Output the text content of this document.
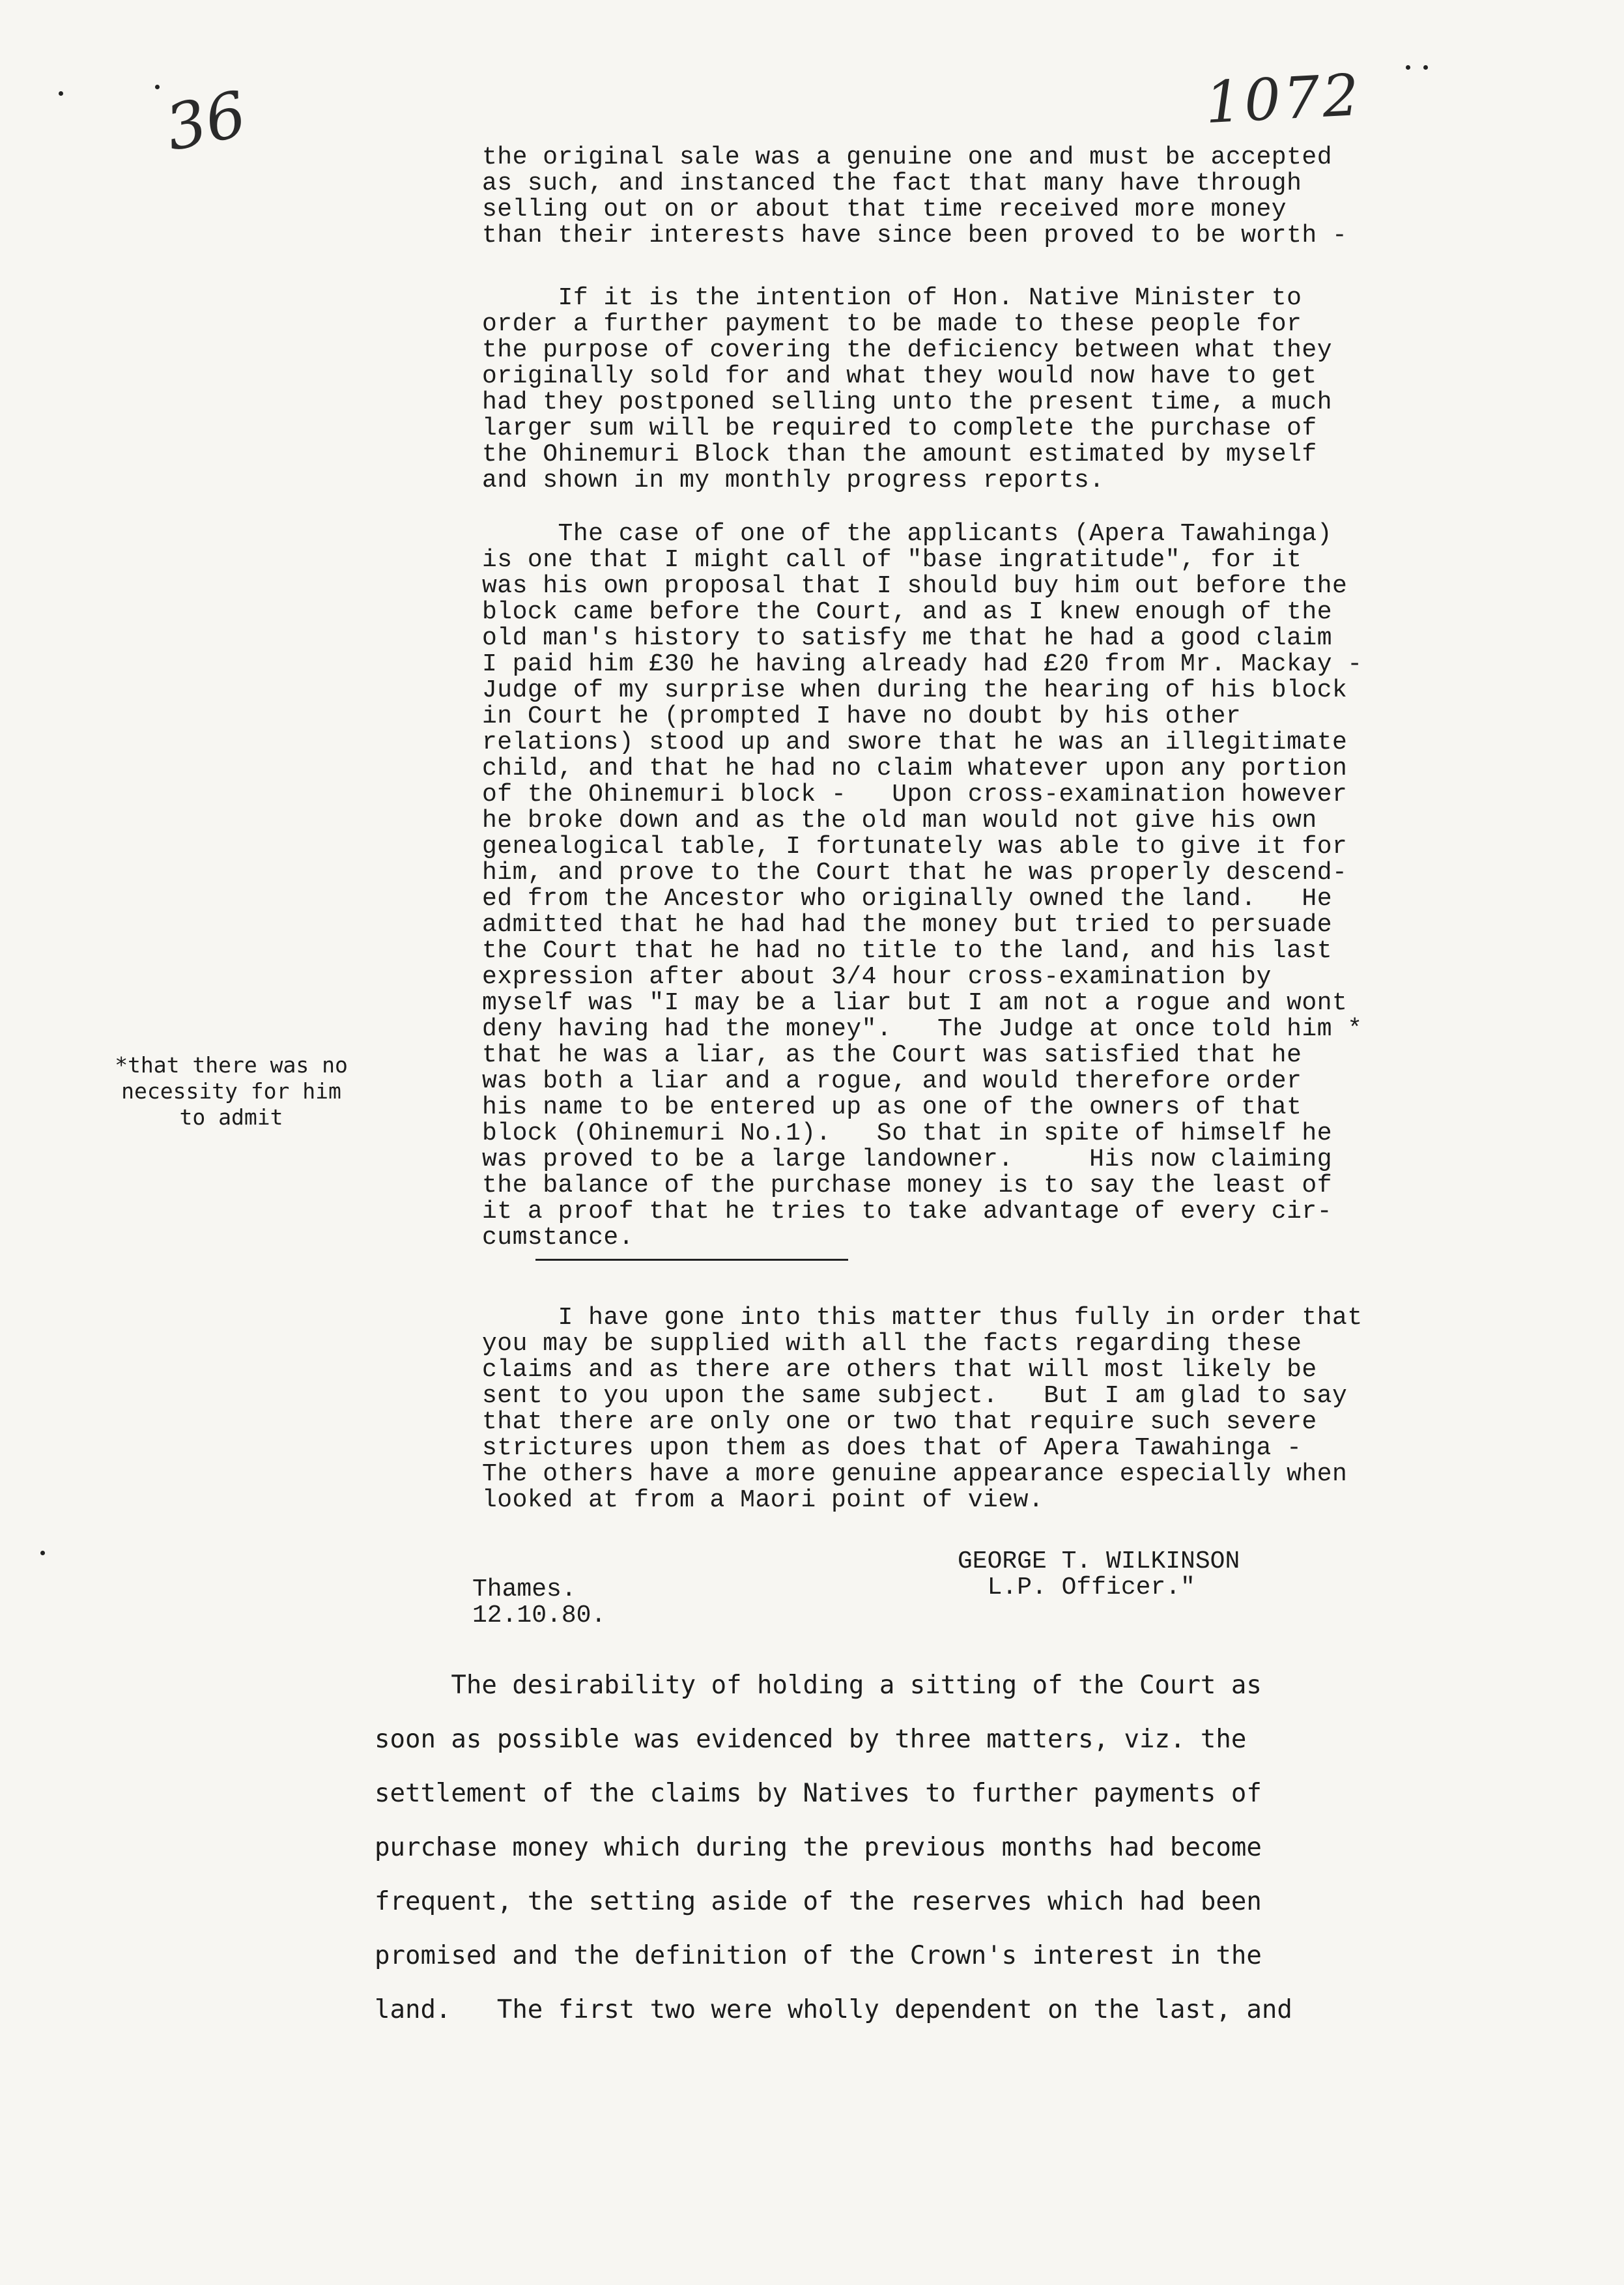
1072
36	the original sale was a genuine one and must be accepted
as such, and instanced the fact that many have through
selling out on or about that time received more money
than their interests have since been proved to be worth -
If it is the intention of Hon. Native Minister to
order a further payment to be made to these people for
the purpose of covering the deficiency between what they
originally sold for and what they would now have to get
had they postponed selling unto the present time, a much
larger sum will be required to complete the purchase of
the Ohinemuri Block than the amount estimated by myself
and shown in my monthly progress reports.
The case of one of the applicants (Apera Tawahinga)
is one that I might call of "base ingratitude", for it
was his own proposal that I should buy him out before the
block came before the Court, and as I knew enough of the
old man's history to satisfy me that he had a good claim
I paid him £30 he having already had £20 from Mr. Mackay -
Judge of my surprise when during the hearing of his block
in Court he (prompted I have no doubt by his other
relations) stood up and swore that he was an illegitimate
child, and that he had no claim whatever upon any portion
of the Ohinemuri block -   Upon cross-examination however
he broke down and as the old man would not give his own
genealogical table, I fortunately was able to give it for
him, and prove to the Court that he was properly descend-
ed from the Ancestor who originally owned the land.   He
admitted that he had had the money but tried to persuade
the Court that he had no title to the land, and his last
expression after about 3/4 hour cross-examination by
myself was "I may be a liar but I am not a rogue and wont
deny having had the money".   The Judge at once told him *
that he was a liar, as the Court was satisfied that he
was both a liar and a rogue, and would therefore order
his name to be entered up as one of the owners of that
block (Ohinemuri No.1).   So that in spite of himself he
was proved to be a large landowner.     His now claiming
the balance of the purchase money is to say the least of
it a proof that he tries to take advantage of every cir-
cumstance.
I have gone into this matter thus fully in order that
you may be supplied with all the facts regarding these
claims and as there are others that will most likely be
sent to you upon the same subject.   But I am glad to say
that there are only one or two that require such severe
strictures upon them as does that of Apera Tawahinga -
The others have a more genuine appearance especially when
looked at from a Maori point of view.
*that there was no
necessity for him
to admit
GEORGE T. WILKINSON
L.P. Officer."
Thames.
12.10.80.
The desirability of holding a sitting of the Court as
soon as possible was evidenced by three matters, viz. the
settlement of the claims by Natives to further payments of
purchase money which during the previous months had become
frequent, the setting aside of the reserves which had been
promised and the definition of the Crown's interest in the
land.   The first two were wholly dependent on the last, and
